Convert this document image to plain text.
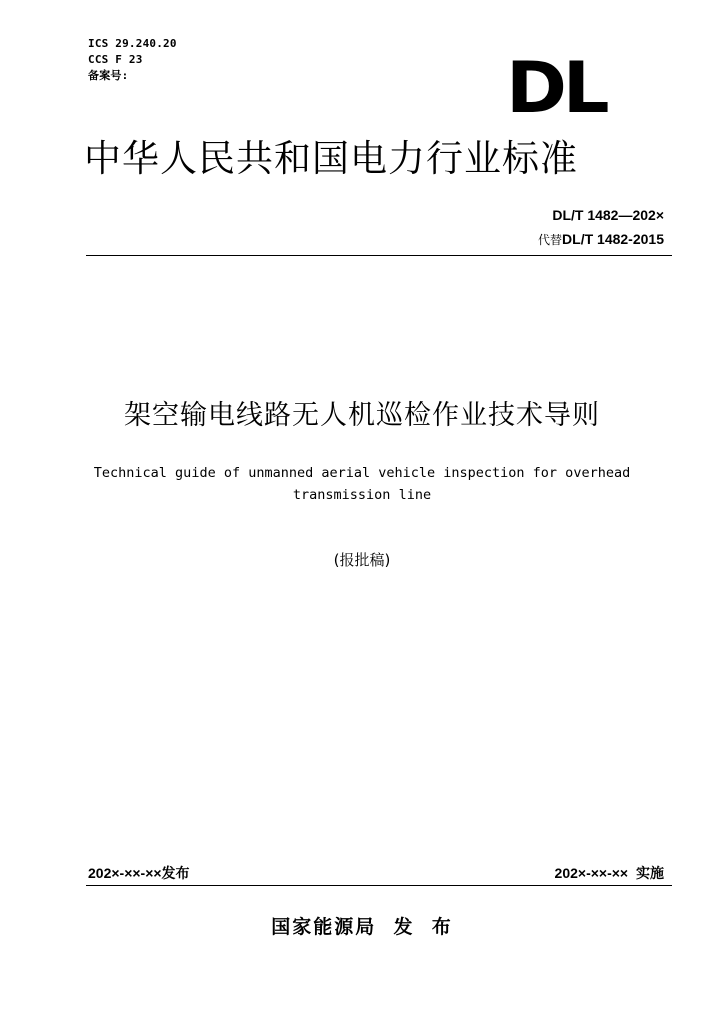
ICS 29.240.20
CCS F 23
备案号:	DL
中华人民共和国电力行业标准
DL/T 1482—202×
代替DL/T 1482-2015
架空输电线路无人机巡检作业技术导则
Technical guide of unmanned aerial vehicle inspection for overhead
transmission line
(报批稿)
202×-××-××发布	202×-××-×× 实施
国家能源局  发  布
